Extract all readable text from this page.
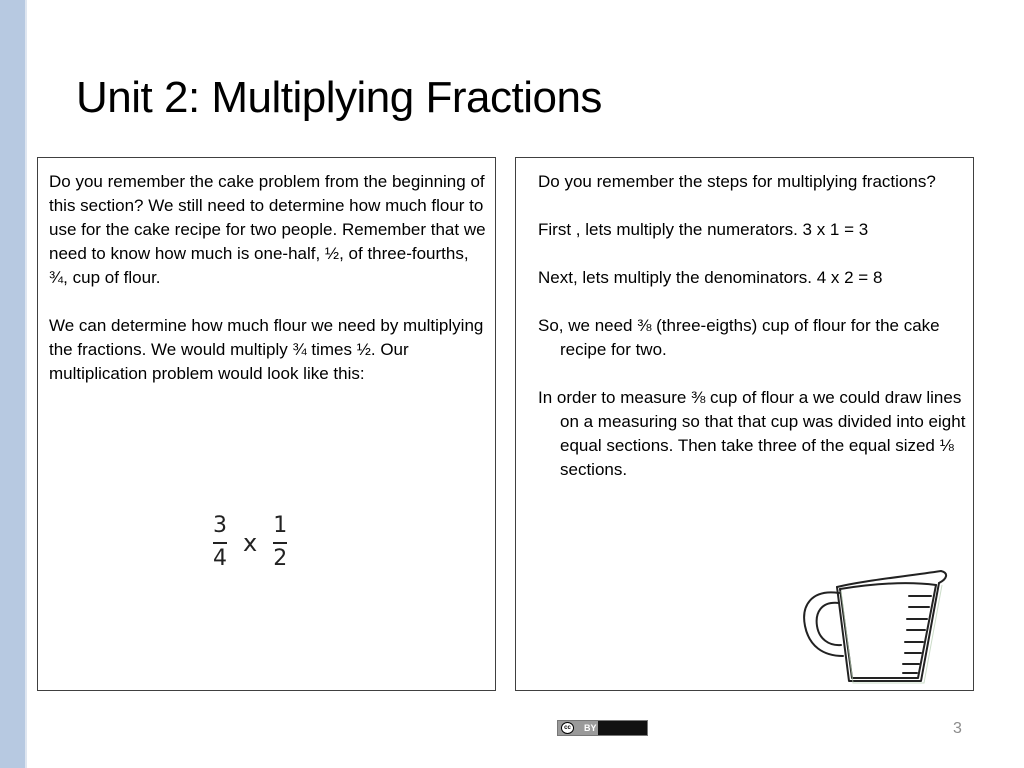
Unit 2: Multiplying Fractions

Do you remember the cake problem from the beginning of this section? We still need to determine how much flour to use for the cake recipe for two people. Remember that we need to know how much is one-half, ½, of three-fourths, ¾, cup of flour.

We can determine how much flour we need by multiplying the fractions. We would multiply ¾ times ½. Our multiplication problem would look like this:

$\frac{3}{4}$ x $\frac{1}{2}$

Do you remember the steps for multiplying fractions?

First , lets multiply the numerators. 3 x 1 = 3

Next, lets multiply the denominators. 4 x 2 = 8

So, we need ⅜ (three-eigths) cup of flour for the cake recipe for two.

In order to measure ⅜ cup of flour a we could draw lines on a measuring so that that cup was divided into eight equal sections. Then take three of the equal sized ⅛ sections.

cc	BY	3
